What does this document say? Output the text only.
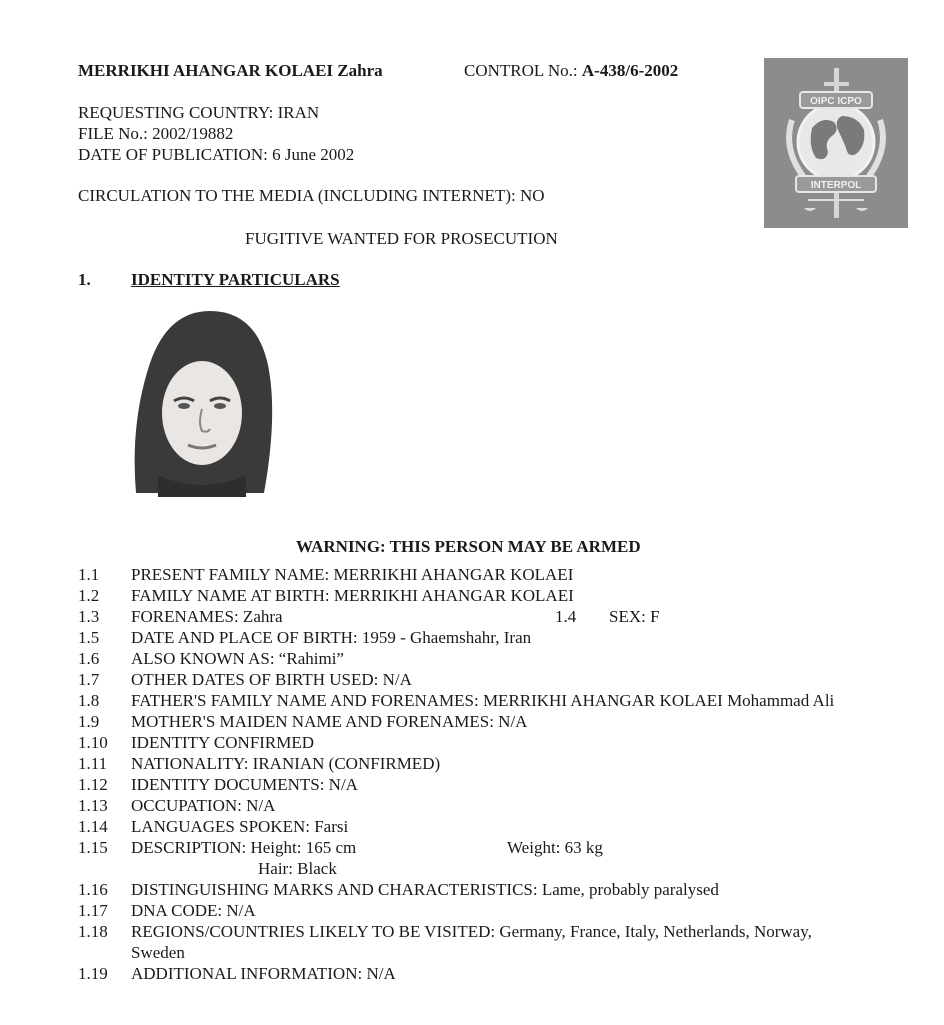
MERRIKHI AHANGAR KOLAEI Zahra	CONTROL No.: A-438/6-2002
OIPC ICPO
INTERPOL
REQUESTING COUNTRY: IRAN
FILE No.: 2002/19882
DATE OF PUBLICATION: 6 June 2002
CIRCULATION TO THE MEDIA (INCLUDING INTERNET): NO
FUGITIVE WANTED FOR PROSECUTION
1. IDENTITY PARTICULARS
WARNING: THIS PERSON MAY BE ARMED
1.1 PRESENT FAMILY NAME: MERRIKHI AHANGAR KOLAEI
1.2 FAMILY NAME AT BIRTH: MERRIKHI AHANGAR KOLAEI
1.3 FORENAMES: Zahra	1.4 SEX: F
1.5 DATE AND PLACE OF BIRTH: 1959 - Ghaemshahr, Iran
1.6 ALSO KNOWN AS: “Rahimi”
1.7 OTHER DATES OF BIRTH USED: N/A
1.8 FATHER'S FAMILY NAME AND FORENAMES: MERRIKHI AHANGAR KOLAEI Mohammad Ali
1.9 MOTHER'S MAIDEN NAME AND FORENAMES: N/A
1.10 IDENTITY CONFIRMED
1.11 NATIONALITY: IRANIAN (CONFIRMED)
1.12 IDENTITY DOCUMENTS: N/A
1.13 OCCUPATION: N/A
1.14 LANGUAGES SPOKEN: Farsi
1.15 DESCRIPTION: Height: 165 cm	Weight: 63 kg
Hair: Black
1.16 DISTINGUISHING MARKS AND CHARACTERISTICS: Lame, probably paralysed
1.17 DNA CODE: N/A
1.18 REGIONS/COUNTRIES LIKELY TO BE VISITED: Germany, France, Italy, Netherlands, Norway,
Sweden
1.19 ADDITIONAL INFORMATION: N/A
